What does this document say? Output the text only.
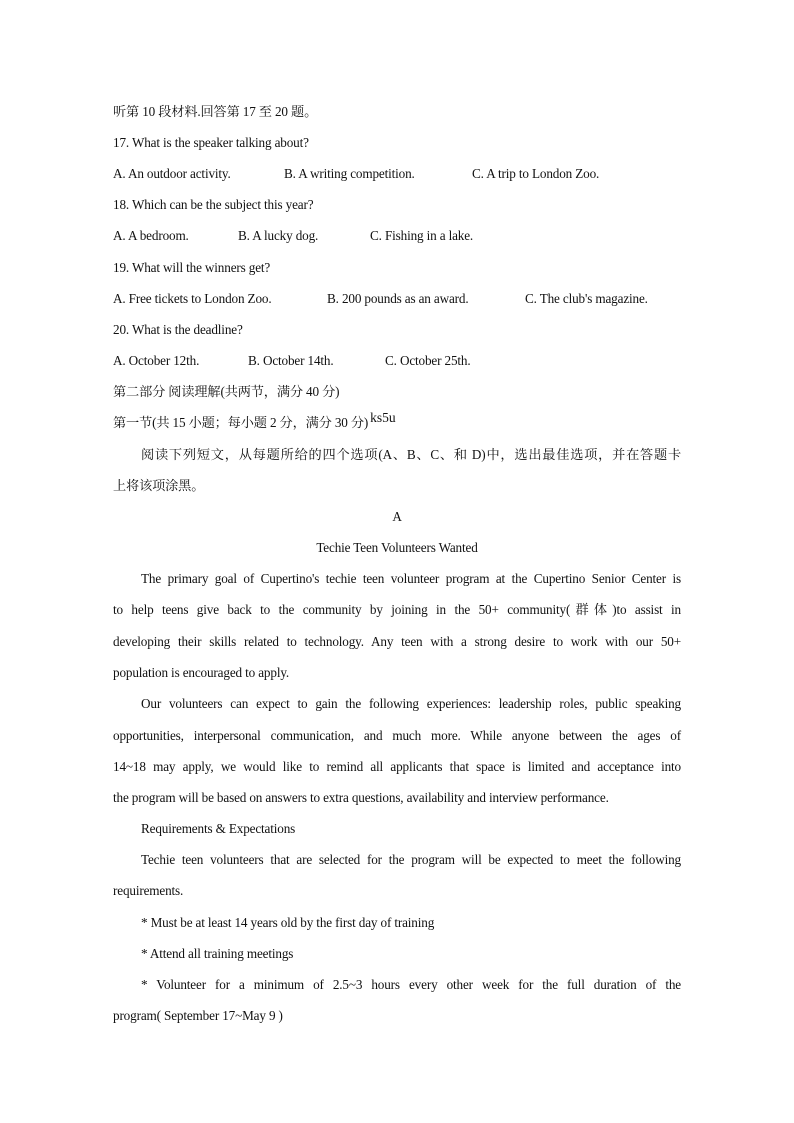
听第 10 段材料.回答第 17 至 20 题。
17. What is the speaker talking about?
A. An outdoor activity.	B. A writing competition.	C. A trip to London Zoo.
18. Which can be the subject this year?
A. A bedroom.	B. A lucky dog.	C. Fishing in a lake.
19. What will the winners get?
A. Free tickets to London Zoo.	B. 200 pounds as an award.	C. The club's magazine.
20. What is the deadline?
A. October 12th.	B. October 14th.	C. October 25th.
第二部分 阅读理解(共两节，满分 40 分)
第一节(共 15 小题；每小题 2 分，满分 30 分) ks5u
阅读下列短文，从每题所给的四个选项(A、B、C、和 D)中，选出最佳选项，并在答题卡
上将该项涂黑。
A
Techie Teen Volunteers Wanted
The primary goal of Cupertino's techie teen volunteer program at the Cupertino Senior Center is
to help teens give back to the community by joining in the 50+ community(群体)to assist in
developing their skills related to technology. Any teen with a strong desire to work with our 50+
population is encouraged to apply.
Our volunteers can expect to gain the following experiences: leadership roles, public speaking
opportunities, interpersonal communication, and much more. While anyone between the ages of
14~18 may apply, we would like to remind all applicants that space is limited and acceptance into
the program will be based on answers to extra questions, availability and interview performance.
Requirements & Expectations
Techie teen volunteers that are selected for the program will be expected to meet the following
requirements.
* Must be at least 14 years old by the first day of training
* Attend all training meetings
* Volunteer for a minimum of 2.5~3 hours every other week for the full duration of the
program( September 17~May 9 )
